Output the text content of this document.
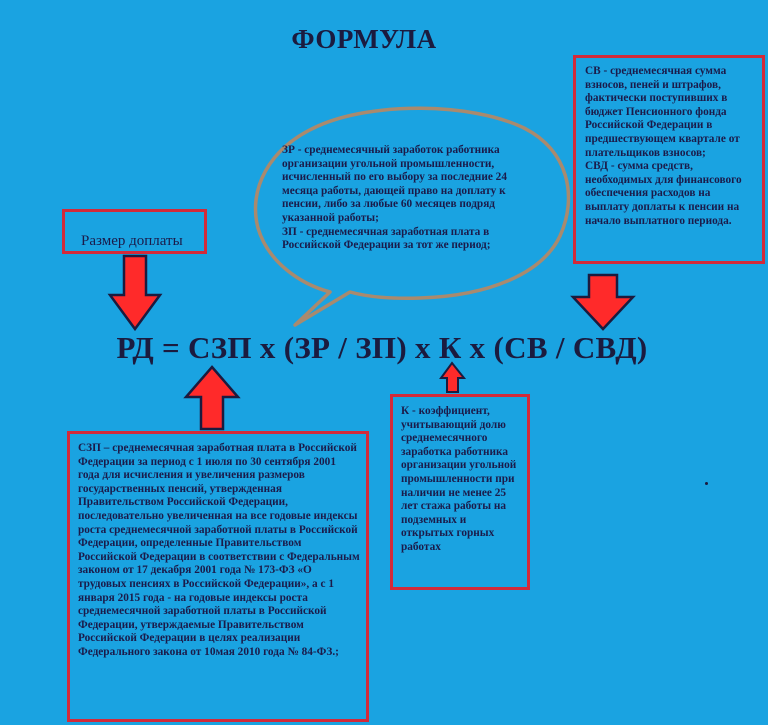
ФОРМУЛА
Размер доплаты
ЗР - среднемесячный заработок работника организации угольной промышленности, исчисленный по его выбору за последние 24 месяца работы, дающей право на доплату к пенсии, либо за любые 60 месяцев подряд указанной работы;
ЗП - среднемесячная заработная плата в Российской Федерации за тот же период;
СВ - среднемесячная сумма взносов, пеней и штрафов, фактически поступивших в бюджет Пенсионного фонда Российской Федерации в предшествующем квартале от плательщиков взносов;
СВД - сумма средств, необходимых для финансового обеспечения расходов на выплату доплаты к пенсии на начало выплатного периода.
РД = СЗП х (ЗР / ЗП) х К х (СВ / СВД)
СЗП – среднемесячная заработная плата в Российской Федерации за период с 1 июля по 30 сентября 2001 года для исчисления и увеличения размеров государственных пенсий, утвержденная Правительством Российской Федерации, последовательно увеличенная на все годовые индексы роста среднемесячной заработной платы в Российской Федерации, определенные Правительством Российской Федерации в соответствии с Федеральным законом от 17 декабря 2001 года № 173-ФЗ «О трудовых пенсиях в Российской Федерации», а с 1 января 2015 года - на годовые индексы роста среднемесячной заработной платы в Российской Федерации, утверждаемые Правительством Российской Федерации в целях реализации Федерального закона от 10мая 2010 года № 84-ФЗ.;
К - коэффициент, учитывающий долю среднемесячного заработка работника организации угольной промышленности при наличии не менее 25 лет стажа работы на подземных и открытых горных работах
